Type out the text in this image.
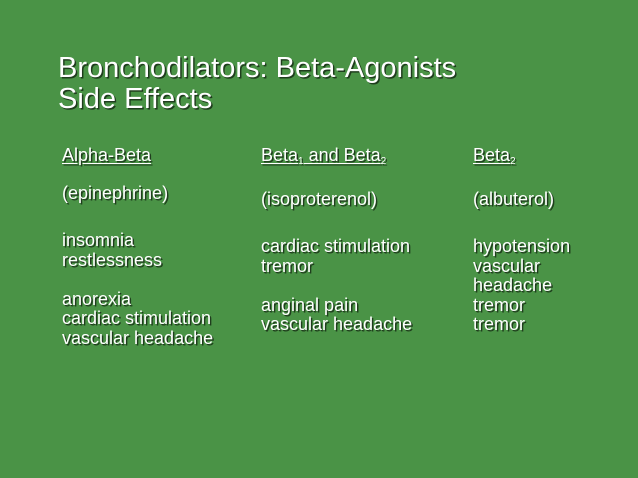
Bronchodilators: Beta-Agonists
Side Effects
Alpha-Beta
(epinephrine)
insomnia
restlessness
anorexia
cardiac stimulation
vascular headache
Beta$_1$ and Beta$_2$
(isoproterenol)
cardiac stimulation
tremor
anginal pain
vascular headache
Beta$_2$
(albuterol)
hypotension
vascular
headache
tremor
tremor
